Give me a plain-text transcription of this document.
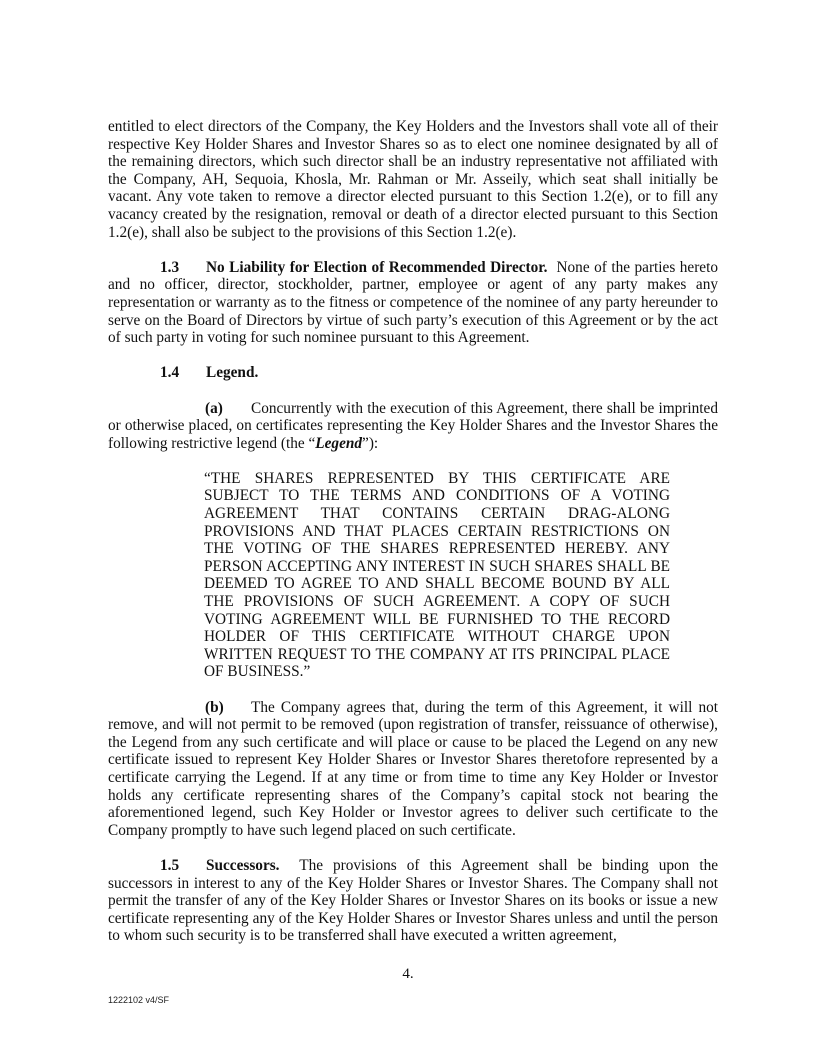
entitled to elect directors of the Company, the Key Holders and the Investors shall vote all of their respective Key Holder Shares and Investor Shares so as to elect one nominee designated by all of the remaining directors, which such director shall be an industry representative not affiliated with the Company, AH, Sequoia, Khosla, Mr. Rahman or Mr. Asseily, which seat shall initially be vacant. Any vote taken to remove a director elected pursuant to this Section 1.2(e), or to fill any vacancy created by the resignation, removal or death of a director elected pursuant to this Section 1.2(e), shall also be subject to the provisions of this Section 1.2(e).

1.3 No Liability for Election of Recommended Director. None of the parties hereto and no officer, director, stockholder, partner, employee or agent of any party makes any representation or warranty as to the fitness or competence of the nominee of any party hereunder to serve on the Board of Directors by virtue of such party’s execution of this Agreement or by the act of such party in voting for such nominee pursuant to this Agreement.

1.4 Legend.

(a) Concurrently with the execution of this Agreement, there shall be imprinted or otherwise placed, on certificates representing the Key Holder Shares and the Investor Shares the following restrictive legend (the “Legend”):

“THE SHARES REPRESENTED BY THIS CERTIFICATE ARE SUBJECT TO THE TERMS AND CONDITIONS OF A VOTING AGREEMENT THAT CONTAINS CERTAIN DRAG-ALONG PROVISIONS AND THAT PLACES CERTAIN RESTRICTIONS ON THE VOTING OF THE SHARES REPRESENTED HEREBY. ANY PERSON ACCEPTING ANY INTEREST IN SUCH SHARES SHALL BE DEEMED TO AGREE TO AND SHALL BECOME BOUND BY ALL THE PROVISIONS OF SUCH AGREEMENT. A COPY OF SUCH VOTING AGREEMENT WILL BE FURNISHED TO THE RECORD HOLDER OF THIS CERTIFICATE WITHOUT CHARGE UPON WRITTEN REQUEST TO THE COMPANY AT ITS PRINCIPAL PLACE OF BUSINESS.”

(b) The Company agrees that, during the term of this Agreement, it will not remove, and will not permit to be removed (upon registration of transfer, reissuance of otherwise), the Legend from any such certificate and will place or cause to be placed the Legend on any new certificate issued to represent Key Holder Shares or Investor Shares theretofore represented by a certificate carrying the Legend. If at any time or from time to time any Key Holder or Investor holds any certificate representing shares of the Company’s capital stock not bearing the aforementioned legend, such Key Holder or Investor agrees to deliver such certificate to the Company promptly to have such legend placed on such certificate.

1.5 Successors. The provisions of this Agreement shall be binding upon the successors in interest to any of the Key Holder Shares or Investor Shares. The Company shall not permit the transfer of any of the Key Holder Shares or Investor Shares on its books or issue a new certificate representing any of the Key Holder Shares or Investor Shares unless and until the person to whom such security is to be transferred shall have executed a written agreement,

4.
1222102 v4/SF
